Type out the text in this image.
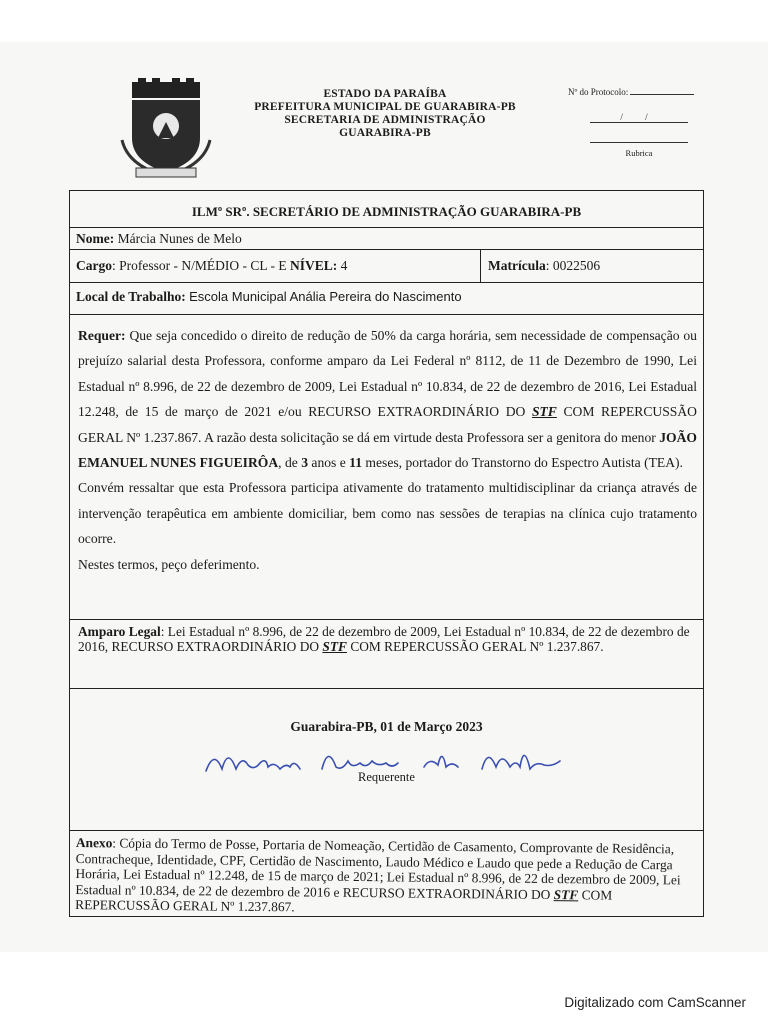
ESTADO DA PARAÍBA
PREFEITURA MUNICIPAL DE GUARABIRA-PB
SECRETARIA DE ADMINISTRAÇÃO
GUARABIRA-PB
Nº do Protocolo:
/ /
Rubrica
ILMº SRº. SECRETÁRIO DE ADMINISTRAÇÃO GUARABIRA-PB
Nome: Márcia Nunes de Melo
Cargo: Professor - N/MÉDIO - CL - E NÍVEL: 4	Matrícula: 0022506
Local de Trabalho: Escola Municipal Anália Pereira do Nascimento

Requer: Que seja concedido o direito de redução de 50% da carga horária, sem necessidade de compensação ou prejuízo salarial desta Professora, conforme amparo da Lei Federal nº 8112, de 11 de Dezembro de 1990, Lei Estadual nº 8.996, de 22 de dezembro de 2009, Lei Estadual nº 10.834, de 22 de dezembro de 2016, Lei Estadual 12.248, de 15 de março de 2021 e/ou RECURSO EXTRAORDINÁRIO DO STF COM REPERCUSSÃO GERAL Nº 1.237.867. A razão desta solicitação se dá em virtude desta Professora ser a genitora do menor JOÃO EMANUEL NUNES FIGUEIRÔA, de 3 anos e 11 meses, portador do Transtorno do Espectro Autista (TEA).

Convém ressaltar que esta Professora participa ativamente do tratamento multidisciplinar da criança através de intervenção terapêutica em ambiente domiciliar, bem como nas sessões de terapias na clínica cujo tratamento ocorre.

Nestes termos, peço deferimento.

Amparo Legal: Lei Estadual nº 8.996, de 22 de dezembro de 2009, Lei Estadual nº 10.834, de 22 de dezembro de 2016, RECURSO EXTRAORDINÁRIO DO STF COM REPERCUSSÃO GERAL Nº 1.237.867.
Guarabira-PB, 01 de Março 2023
Requerente
Anexo: Cópia do Termo de Posse, Portaria de Nomeação, Certidão de Casamento, Comprovante de Residência, Contracheque, Identidade, CPF, Certidão de Nascimento, Laudo Médico e Laudo que pede a Redução de Carga Horária, Lei Estadual nº 12.248, de 15 de março de 2021; Lei Estadual nº 8.996, de 22 de dezembro de 2009, Lei Estadual nº 10.834, de 22 de dezembro de 2016 e RECURSO EXTRAORDINÁRIO DO STF COM REPERCUSSÃO GERAL Nº 1.237.867.
Digitalizado com CamScanner
